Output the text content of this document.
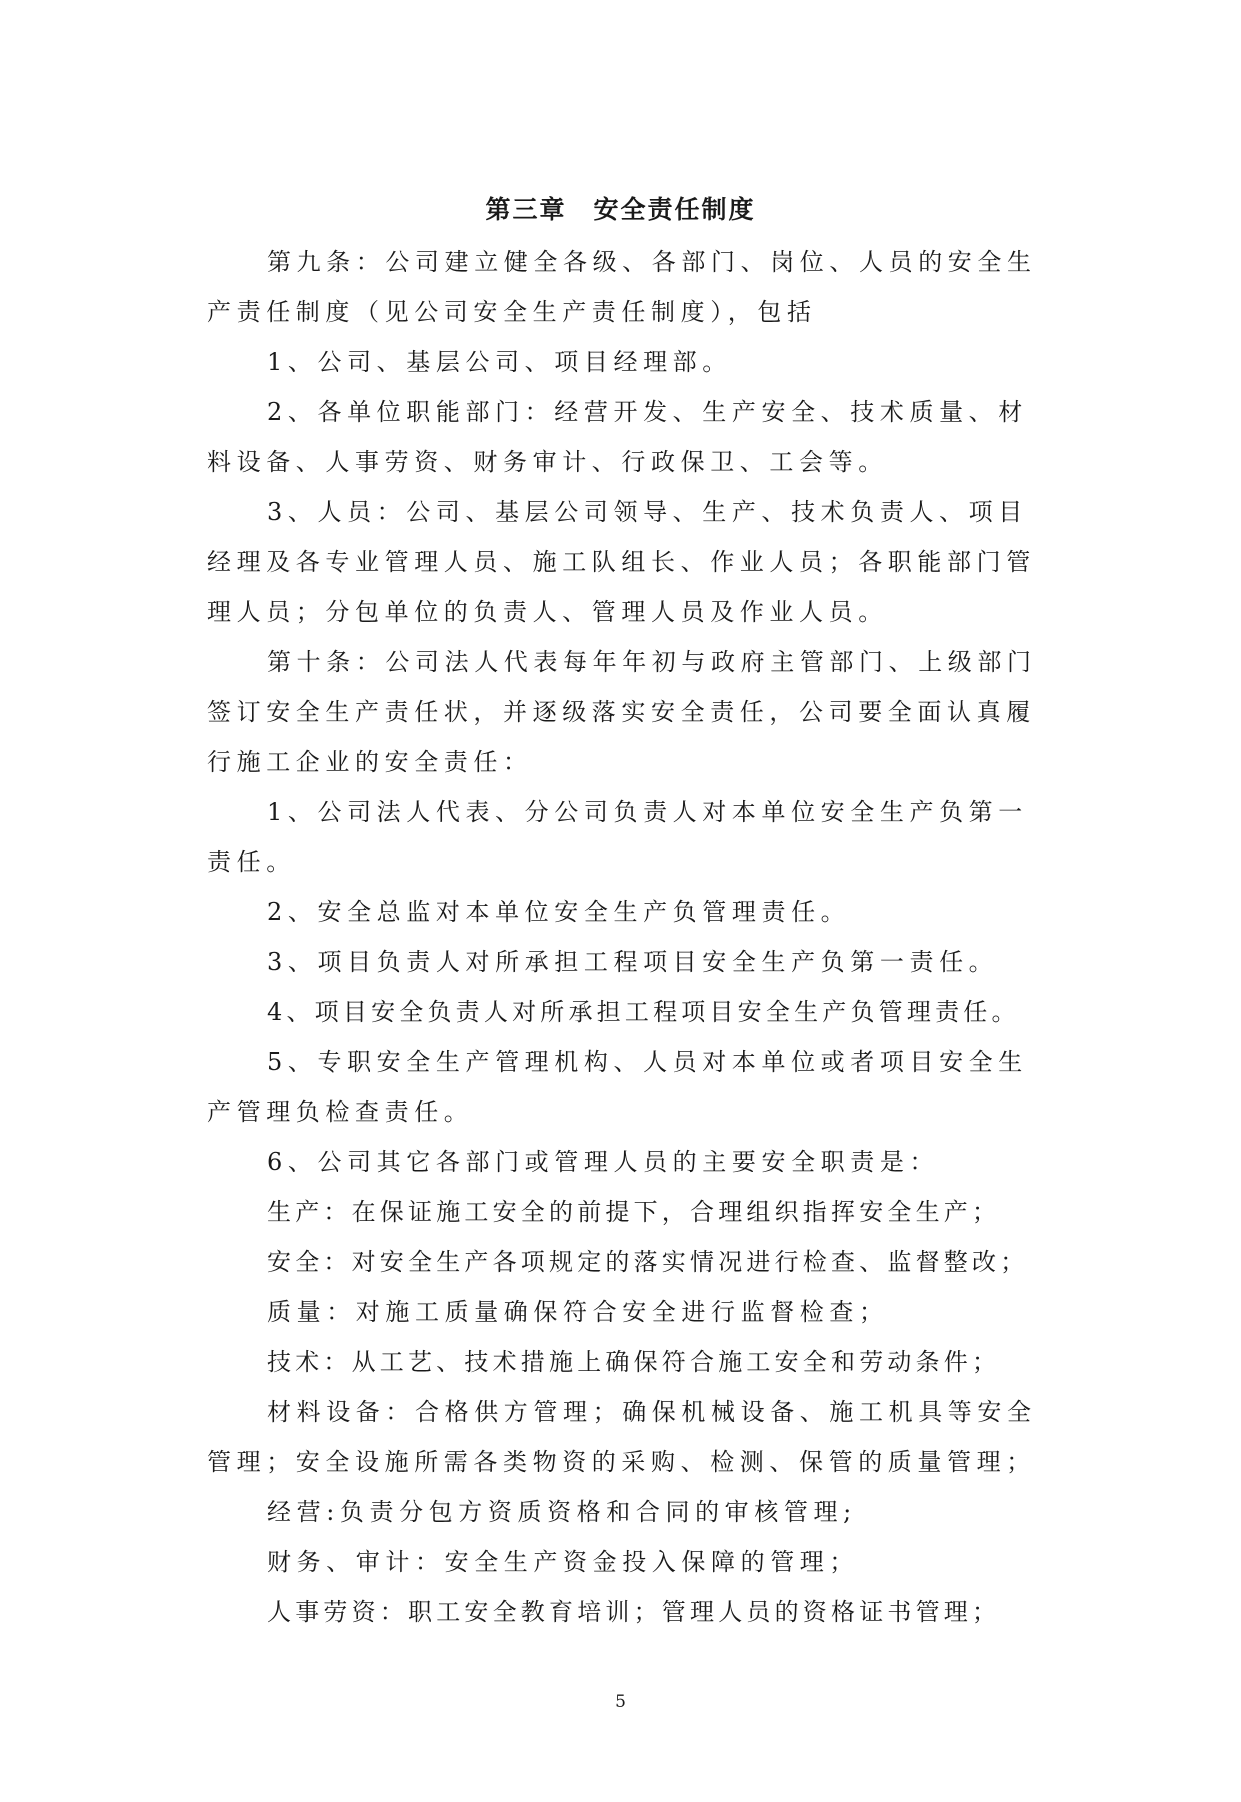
第三章　安全责任制度

第九条：公司建立健全各级、各部门、岗位、人员的安全生产责任制度（见公司安全生产责任制度），包括

1、公司、基层公司、项目经理部。

2、各单位职能部门：经营开发、生产安全、技术质量、材料设备、人事劳资、财务审计、行政保卫、工会等。

3、人员：公司、基层公司领导、生产、技术负责人、项目经理及各专业管理人员、施工队组长、作业人员；各职能部门管理人员；分包单位的负责人、管理人员及作业人员。

第十条：公司法人代表每年年初与政府主管部门、上级部门签订安全生产责任状，并逐级落实安全责任，公司要全面认真履行施工企业的安全责任：

1、公司法人代表、分公司负责人对本单位安全生产负第一责任。

2、安全总监对本单位安全生产负管理责任。

3、项目负责人对所承担工程项目安全生产负第一责任。

4、项目安全负责人对所承担工程项目安全生产负管理责任。

5、专职安全生产管理机构、人员对本单位或者项目安全生产管理负检查责任。

6、公司其它各部门或管理人员的主要安全职责是：

生产：在保证施工安全的前提下，合理组织指挥安全生产；

安全：对安全生产各项规定的落实情况进行检查、监督整改；

质量：对施工质量确保符合安全进行监督检查；

技术：从工艺、技术措施上确保符合施工安全和劳动条件；

材料设备：合格供方管理；确保机械设备、施工机具等安全管理；安全设施所需各类物资的采购、检测、保管的质量管理；

经营:负责分包方资质资格和合同的审核管理;

财务、审计：安全生产资金投入保障的管理；

人事劳资：职工安全教育培训；管理人员的资格证书管理；

5
